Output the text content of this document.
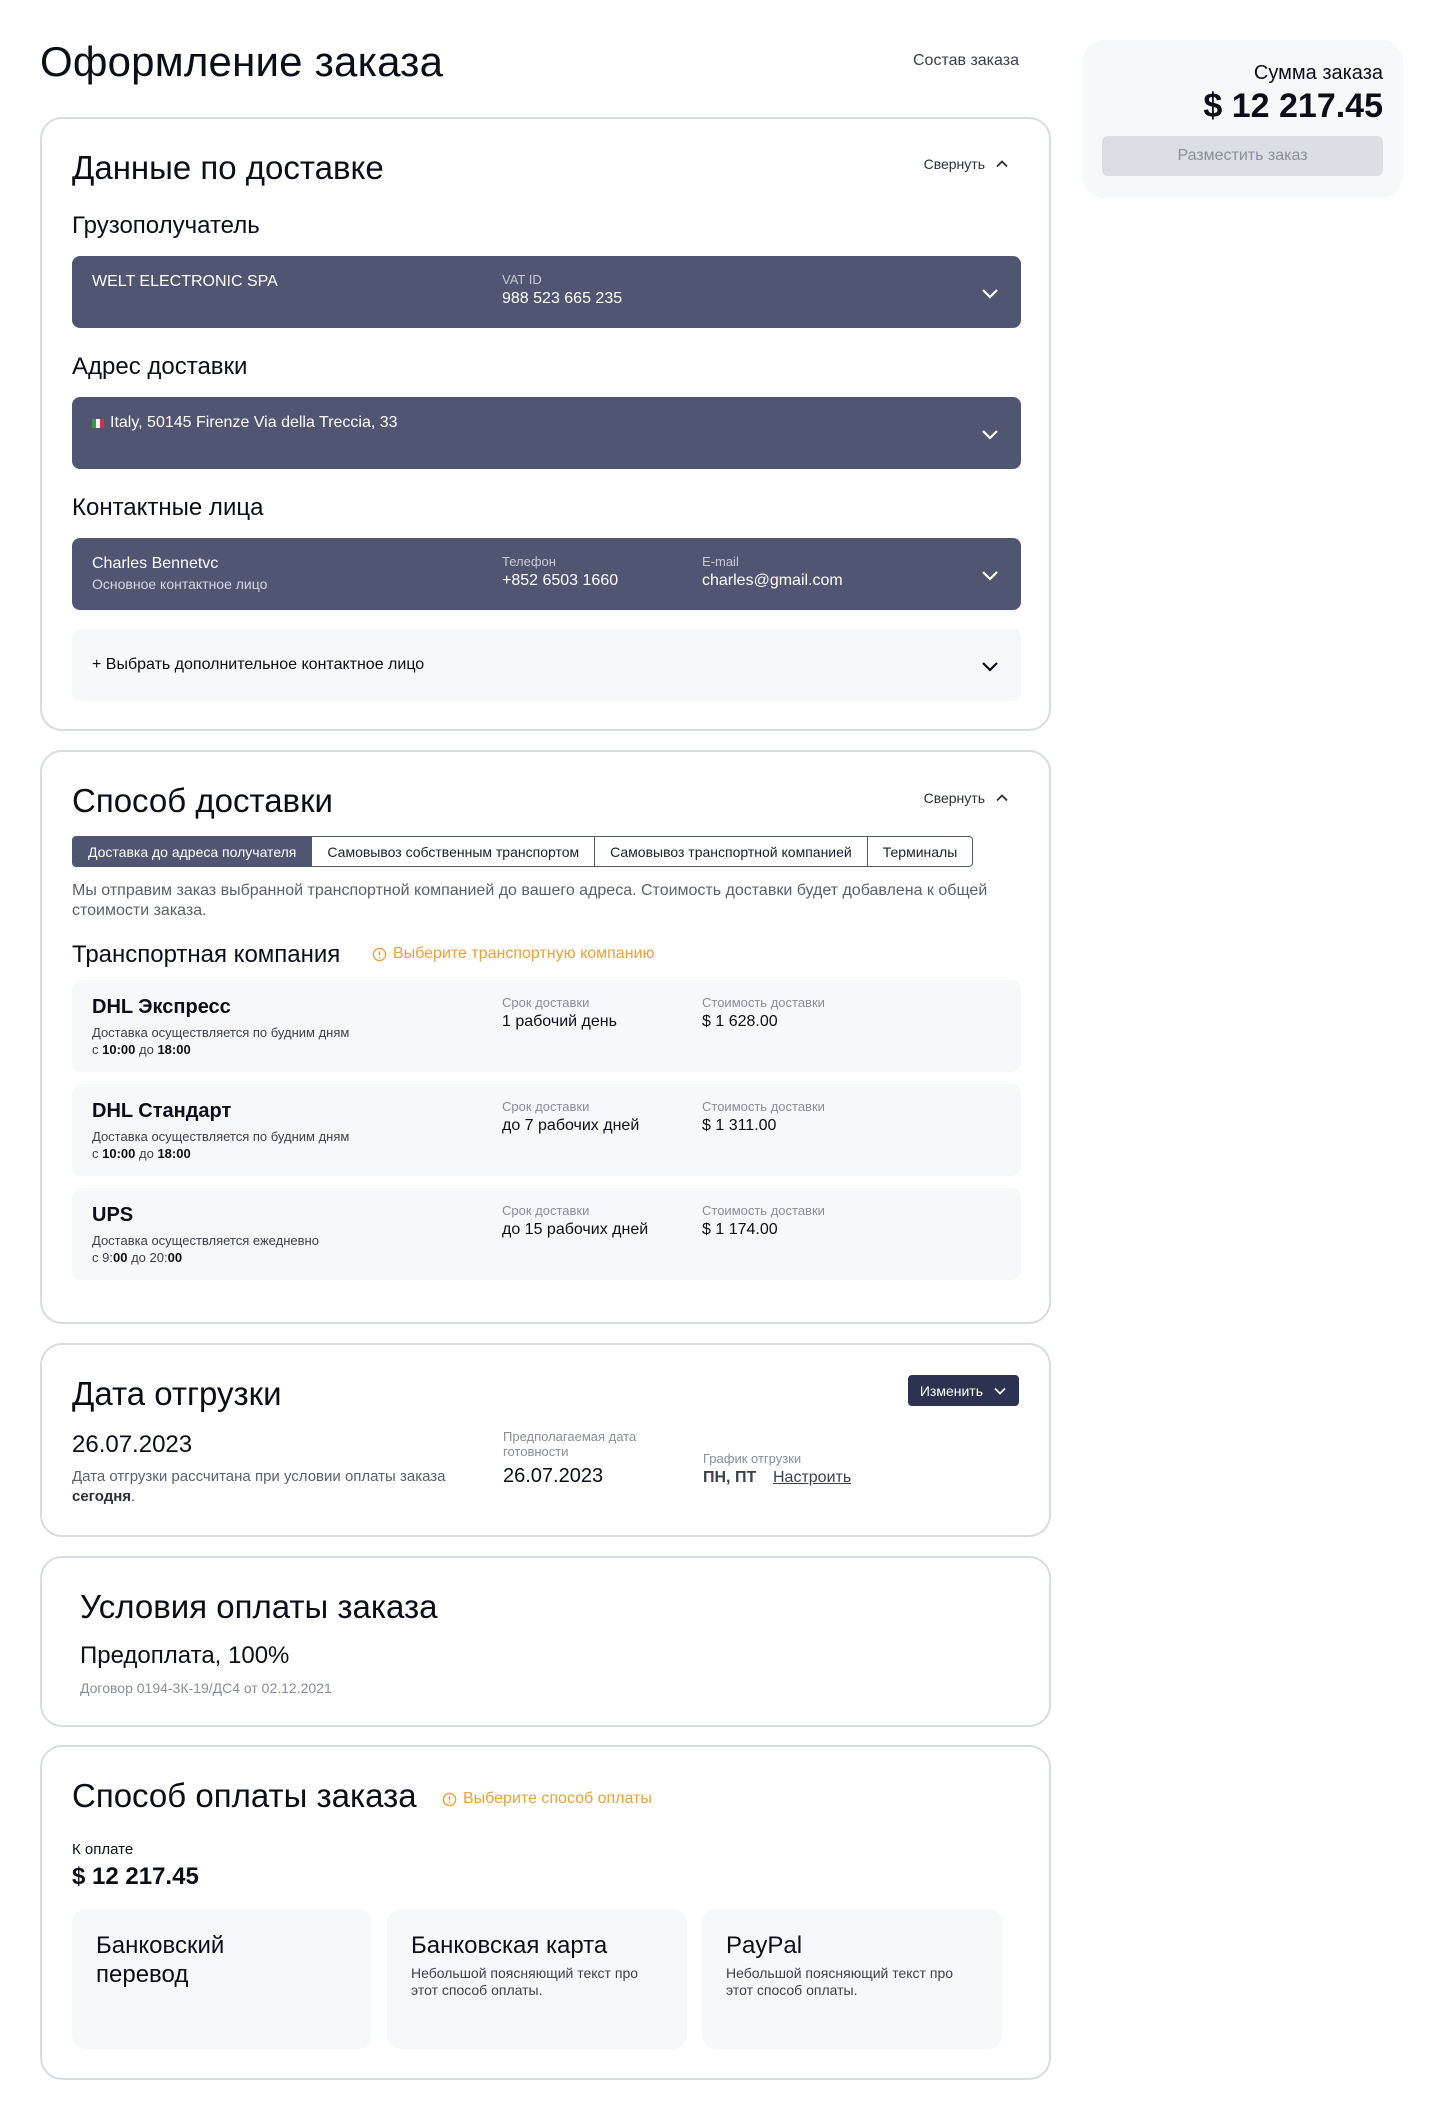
Оформление заказа	Состав заказа
Сумма заказа
$ 12 217.45
Разместить заказ
Данные по доставке	Свернуть
Грузополучатель
WELT ELECTRONIC SPA	VAT ID
988 523 665 235
Адрес доставки
Italy, 50145 Firenze Via della Treccia, 33
Контактные лица
Charles Bennetvc
Основное контактное лицо
Телефон
+852 6503 1660
E-mail
charles@gmail.com
+ Выбрать дополнительное контактное лицо
Способ доставки	Свернуть
Доставка до адреса получателя	Самовывоз собственным транспортом	Самовывоз транспортной компанией	Терминалы
Мы отправим заказ выбранной транспортной компанией до вашего адреса. Стоимость доставки будет добавлена к общей стоимости заказа.
Транспортная компания	Выберите транспортную компанию
DHL Экспресс
Доставка осуществляется по будним дням
с 10:00 до 18:00
Срок доставки
1 рабочий день
Стоимость доставки
$ 1 628.00
DHL Стандарт
Доставка осуществляется по будним дням
с 10:00 до 18:00
Срок доставки
до 7 рабочих дней
Стоимость доставки
$ 1 311.00
UPS
Доставка осуществляется ежедневно
с 9:00 до 20:00
Срок доставки
до 15 рабочих дней
Стоимость доставки
$ 1 174.00
Дата отгрузки	Изменить
26.07.2023
Дата отгрузки рассчитана при условии оплаты заказа сегодня.
Предполагаемая дата готовности
26.07.2023
График отгрузки
ПН, ПТ Настроить
Условия оплаты заказа
Предоплата, 100%
Договор 0194-3К-19/ДС4 от 02.12.2021
Способ оплаты заказа	Выберите способ оплаты
К оплате
$ 12 217.45
Банковский перевод
Банковская карта
Небольшой поясняющий текст про этот способ оплаты.
PayPal
Небольшой поясняющий текст про этот способ оплаты.
